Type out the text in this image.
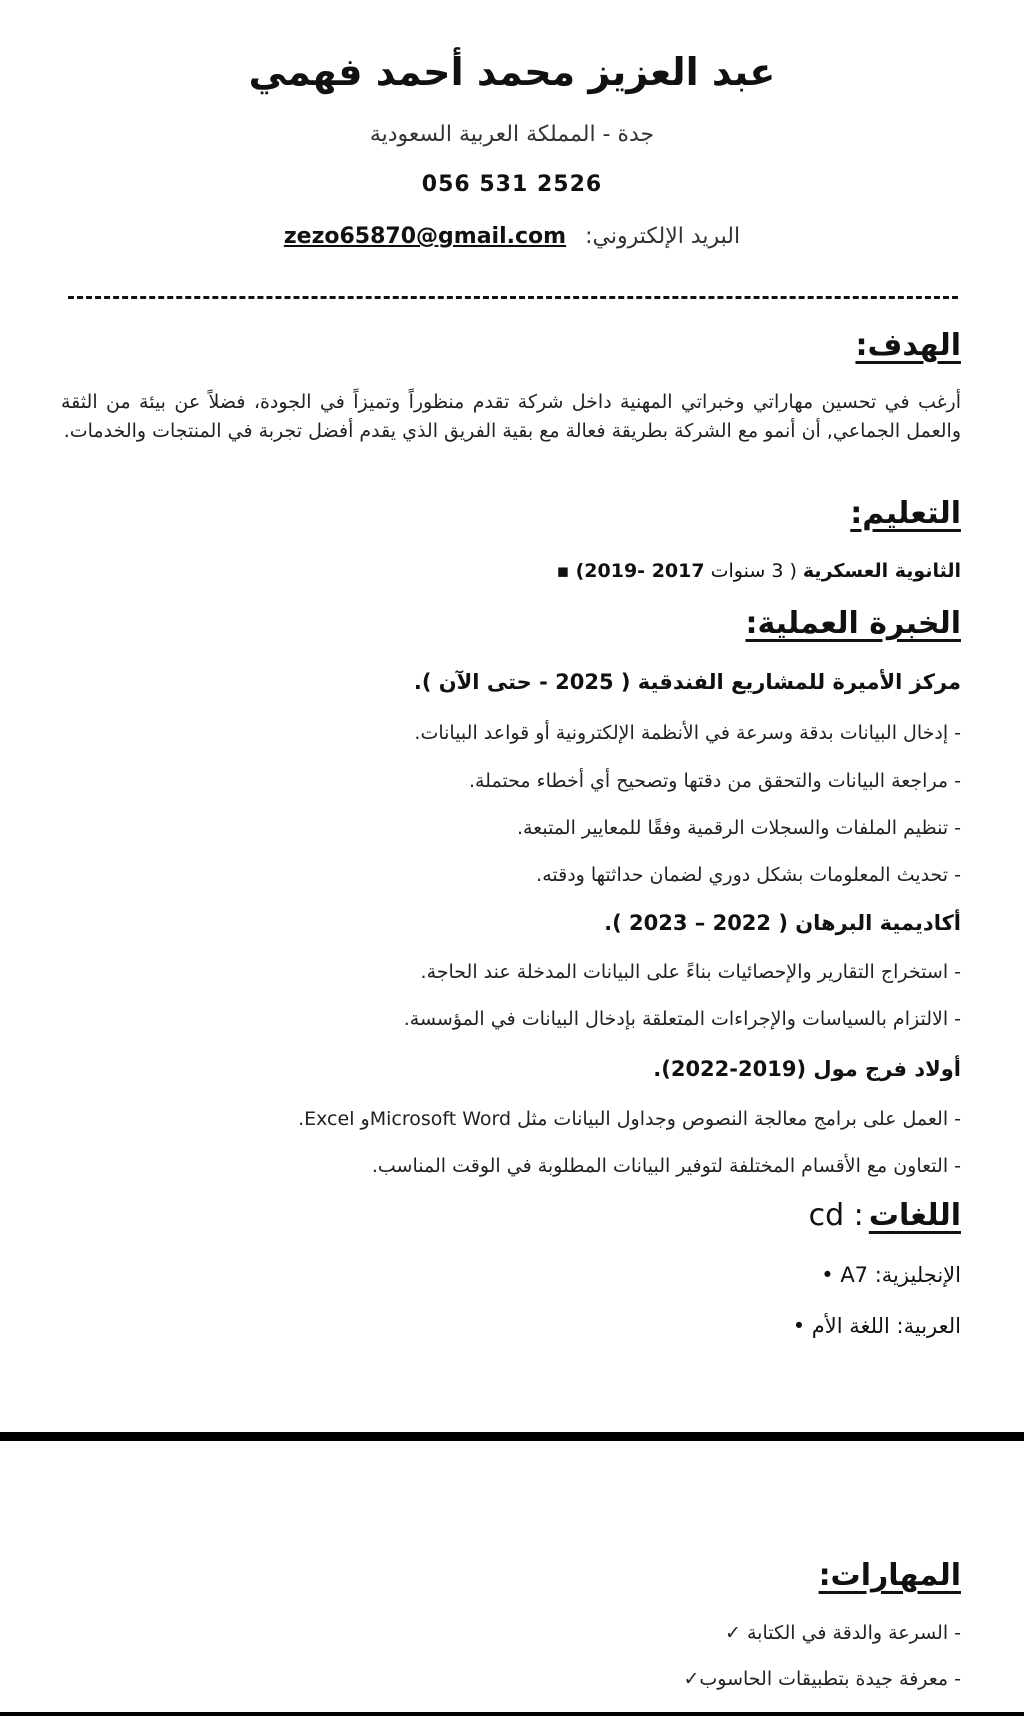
عبد العزيز محمد أحمد فهمي
جدة - المملكة العربية السعودية
056 531 2526
البريد الإلكتروني: zezo65870@gmail.com
الهدف:
أرغب في تحسين مهاراتي وخبراتي المهنية داخل شركة تقدم منظوراً وتميزاً في الجودة، فضلاً عن بيئة من الثقة والعمل الجماعي, أن أنمو مع الشركة بطريقة فعالة مع بقية الفريق الذي يقدم أفضل تجربة في المنتجات والخدمات.
التعليم:
الثانوية العسكرية ( 3 سنوات 2017 -2019) ▪
الخبرة العملية:
مركز الأميرة للمشاريع الفندقية ( 2025 - حتى الآن ).
- إدخال البيانات بدقة وسرعة في الأنظمة الإلكترونية أو قواعد البيانات.
- مراجعة البيانات والتحقق من دقتها وتصحيح أي أخطاء محتملة.
- تنظيم الملفات والسجلات الرقمية وفقًا للمعايير المتبعة.
- تحديث المعلومات بشكل دوري لضمان حداثتها ودقته.
أكاديمية البرهان ( 2022 – 2023 ).
- استخراج التقارير والإحصائيات بناءً على البيانات المدخلة عند الحاجة.
- الالتزام بالسياسات والإجراءات المتعلقة بإدخال البيانات في المؤسسة.
أولاد فرج مول (2019-2022).
- العمل على برامج معالجة النصوص وجداول البيانات مثل Microsoft Wordو Excel.
- التعاون مع الأقسام المختلفة لتوفير البيانات المطلوبة في الوقت المناسب.
اللغات cd :
الإنجليزية: A7 •
العربية: اللغة الأم •
المهارات:
- السرعة والدقة في الكتابة ✓
- معرفة جيدة بتطبيقات الحاسوب✓
